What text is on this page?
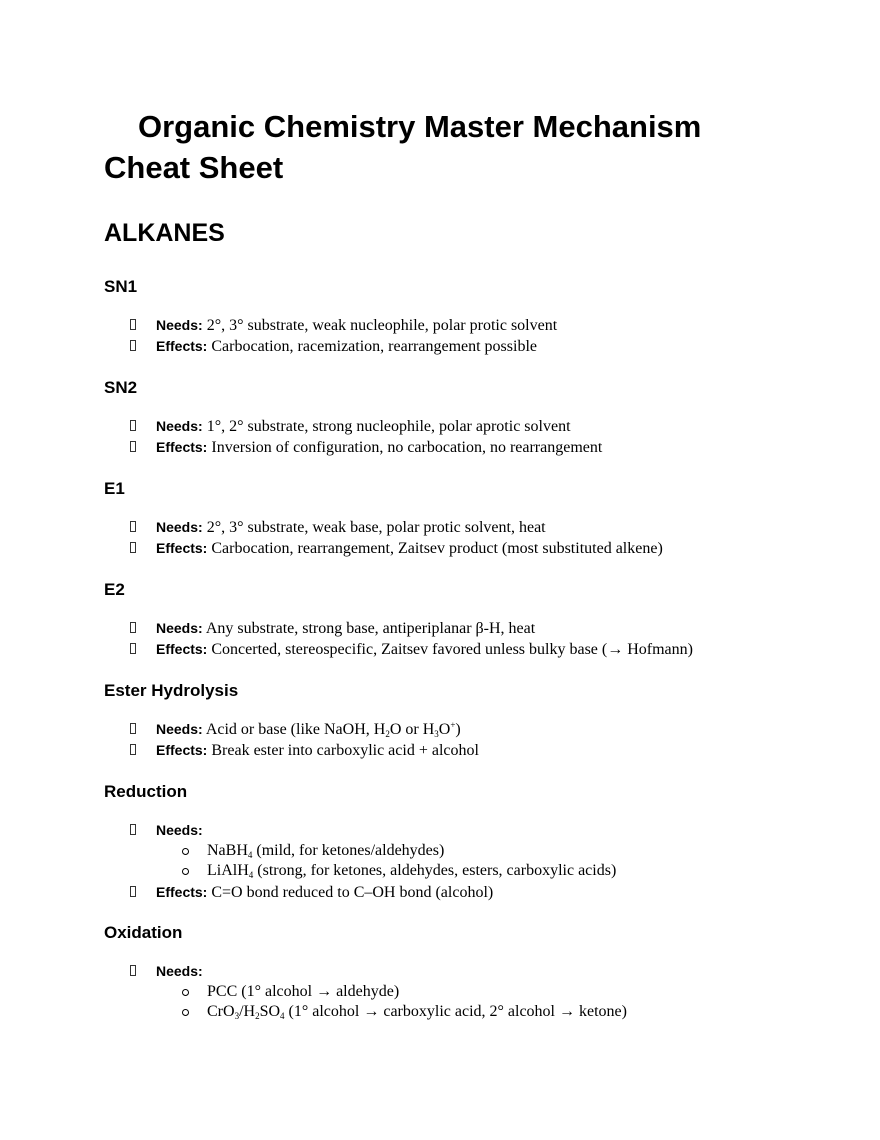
Organic Chemistry Master Mechanism
Cheat Sheet
ALKANES
SN1
Needs: 2°, 3° substrate, weak nucleophile, polar protic solvent
Effects: Carbocation, racemization, rearrangement possible
SN2
Needs: 1°, 2° substrate, strong nucleophile, polar aprotic solvent
Effects: Inversion of configuration, no carbocation, no rearrangement
E1
Needs: 2°, 3° substrate, weak base, polar protic solvent, heat
Effects: Carbocation, rearrangement, Zaitsev product (most substituted alkene)
E2
Needs: Any substrate, strong base, antiperiplanar β-H, heat
Effects: Concerted, stereospecific, Zaitsev favored unless bulky base (→ Hofmann)
Ester Hydrolysis
Needs: Acid or base (like NaOH, $H_2O$ or $H_3O^+$)
Effects: Break ester into carboxylic acid + alcohol
Reduction
Needs:
NaBH$_4$ (mild, for ketones/aldehydes)
LiAlH$_4$ (strong, for ketones, aldehydes, esters, carboxylic acids)
Effects: C=O bond reduced to C–OH bond (alcohol)
Oxidation
Needs:
PCC (1° alcohol → aldehyde)
$CrO_3/H_2SO_4$ (1° alcohol → carboxylic acid, 2° alcohol → ketone)
